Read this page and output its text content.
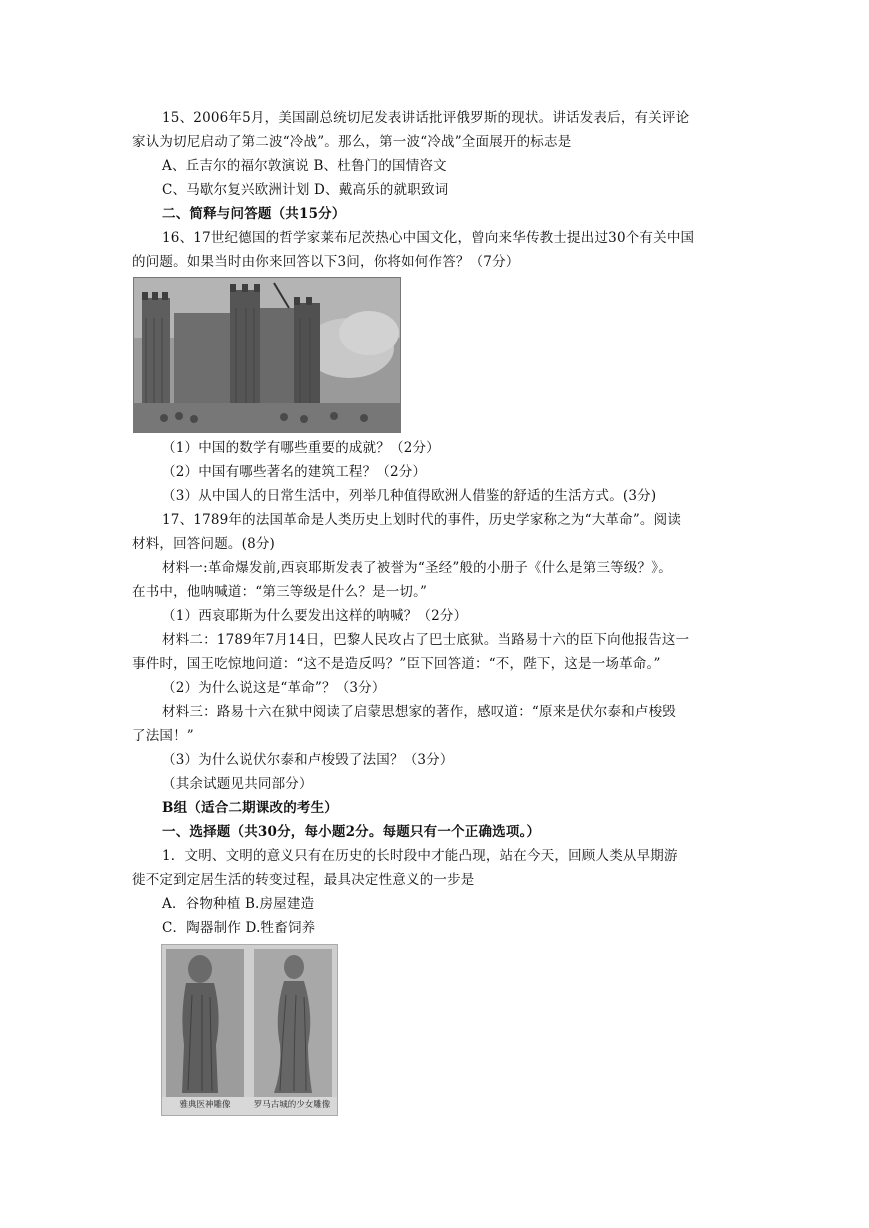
15、2006年5月，美国副总统切尼发表讲话批评俄罗斯的现状。讲话发表后，有关评论
家认为切尼启动了第二波“冷战”。那么，第一波“冷战”全面展开的标志是
A、丘吉尔的福尔敦演说 B、杜鲁门的国情咨文
C、马歇尔复兴欧洲计划 D、戴高乐的就职致词
二、简释与问答题（共15分）
16、17世纪德国的哲学家莱布尼茨热心中国文化，曾向来华传教士提出过30个有关中国
的问题。如果当时由你来回答以下3问，你将如何作答？（7分）
（1）中国的数学有哪些重要的成就？（2分）
（2）中国有哪些著名的建筑工程？（2分）
（3）从中国人的日常生活中，列举几种值得欧洲人借鉴的舒适的生活方式。(3分)
17、1789年的法国革命是人类历史上划时代的事件，历史学家称之为“大革命”。阅读
材料，回答问题。(8分)
材料一:革命爆发前,西哀耶斯发表了被誉为“圣经”般的小册子《什么是第三等级？》。
在书中，他呐喊道：“第三等级是什么？是一切。”
（1）西哀耶斯为什么要发出这样的呐喊？（2分）
材料二：1789年7月14日，巴黎人民攻占了巴士底狱。当路易十六的臣下向他报告这一
事件时，国王吃惊地问道：“这不是造反吗？”臣下回答道：“不，陛下，这是一场革命。”
（2）为什么说这是“革命”？（3分）
材料三：路易十六在狱中阅读了启蒙思想家的著作，感叹道：“原来是伏尔泰和卢梭毁
了法国！”
（3）为什么说伏尔泰和卢梭毁了法国？（3分）
（其余试题见共同部分）
B组（适合二期课改的考生）
一、选择题（共30分，每小题2分。每题只有一个正确选项。）
1．文明、文明的意义只有在历史的长时段中才能凸现，站在今天，回顾人类从早期游
徙不定到定居生活的转变过程，最具决定性意义的一步是
A．谷物种植 B.房屋建造
C．陶器制作 D.牲畜饲养
雅典医神雕像	罗马古城的少女雕像
